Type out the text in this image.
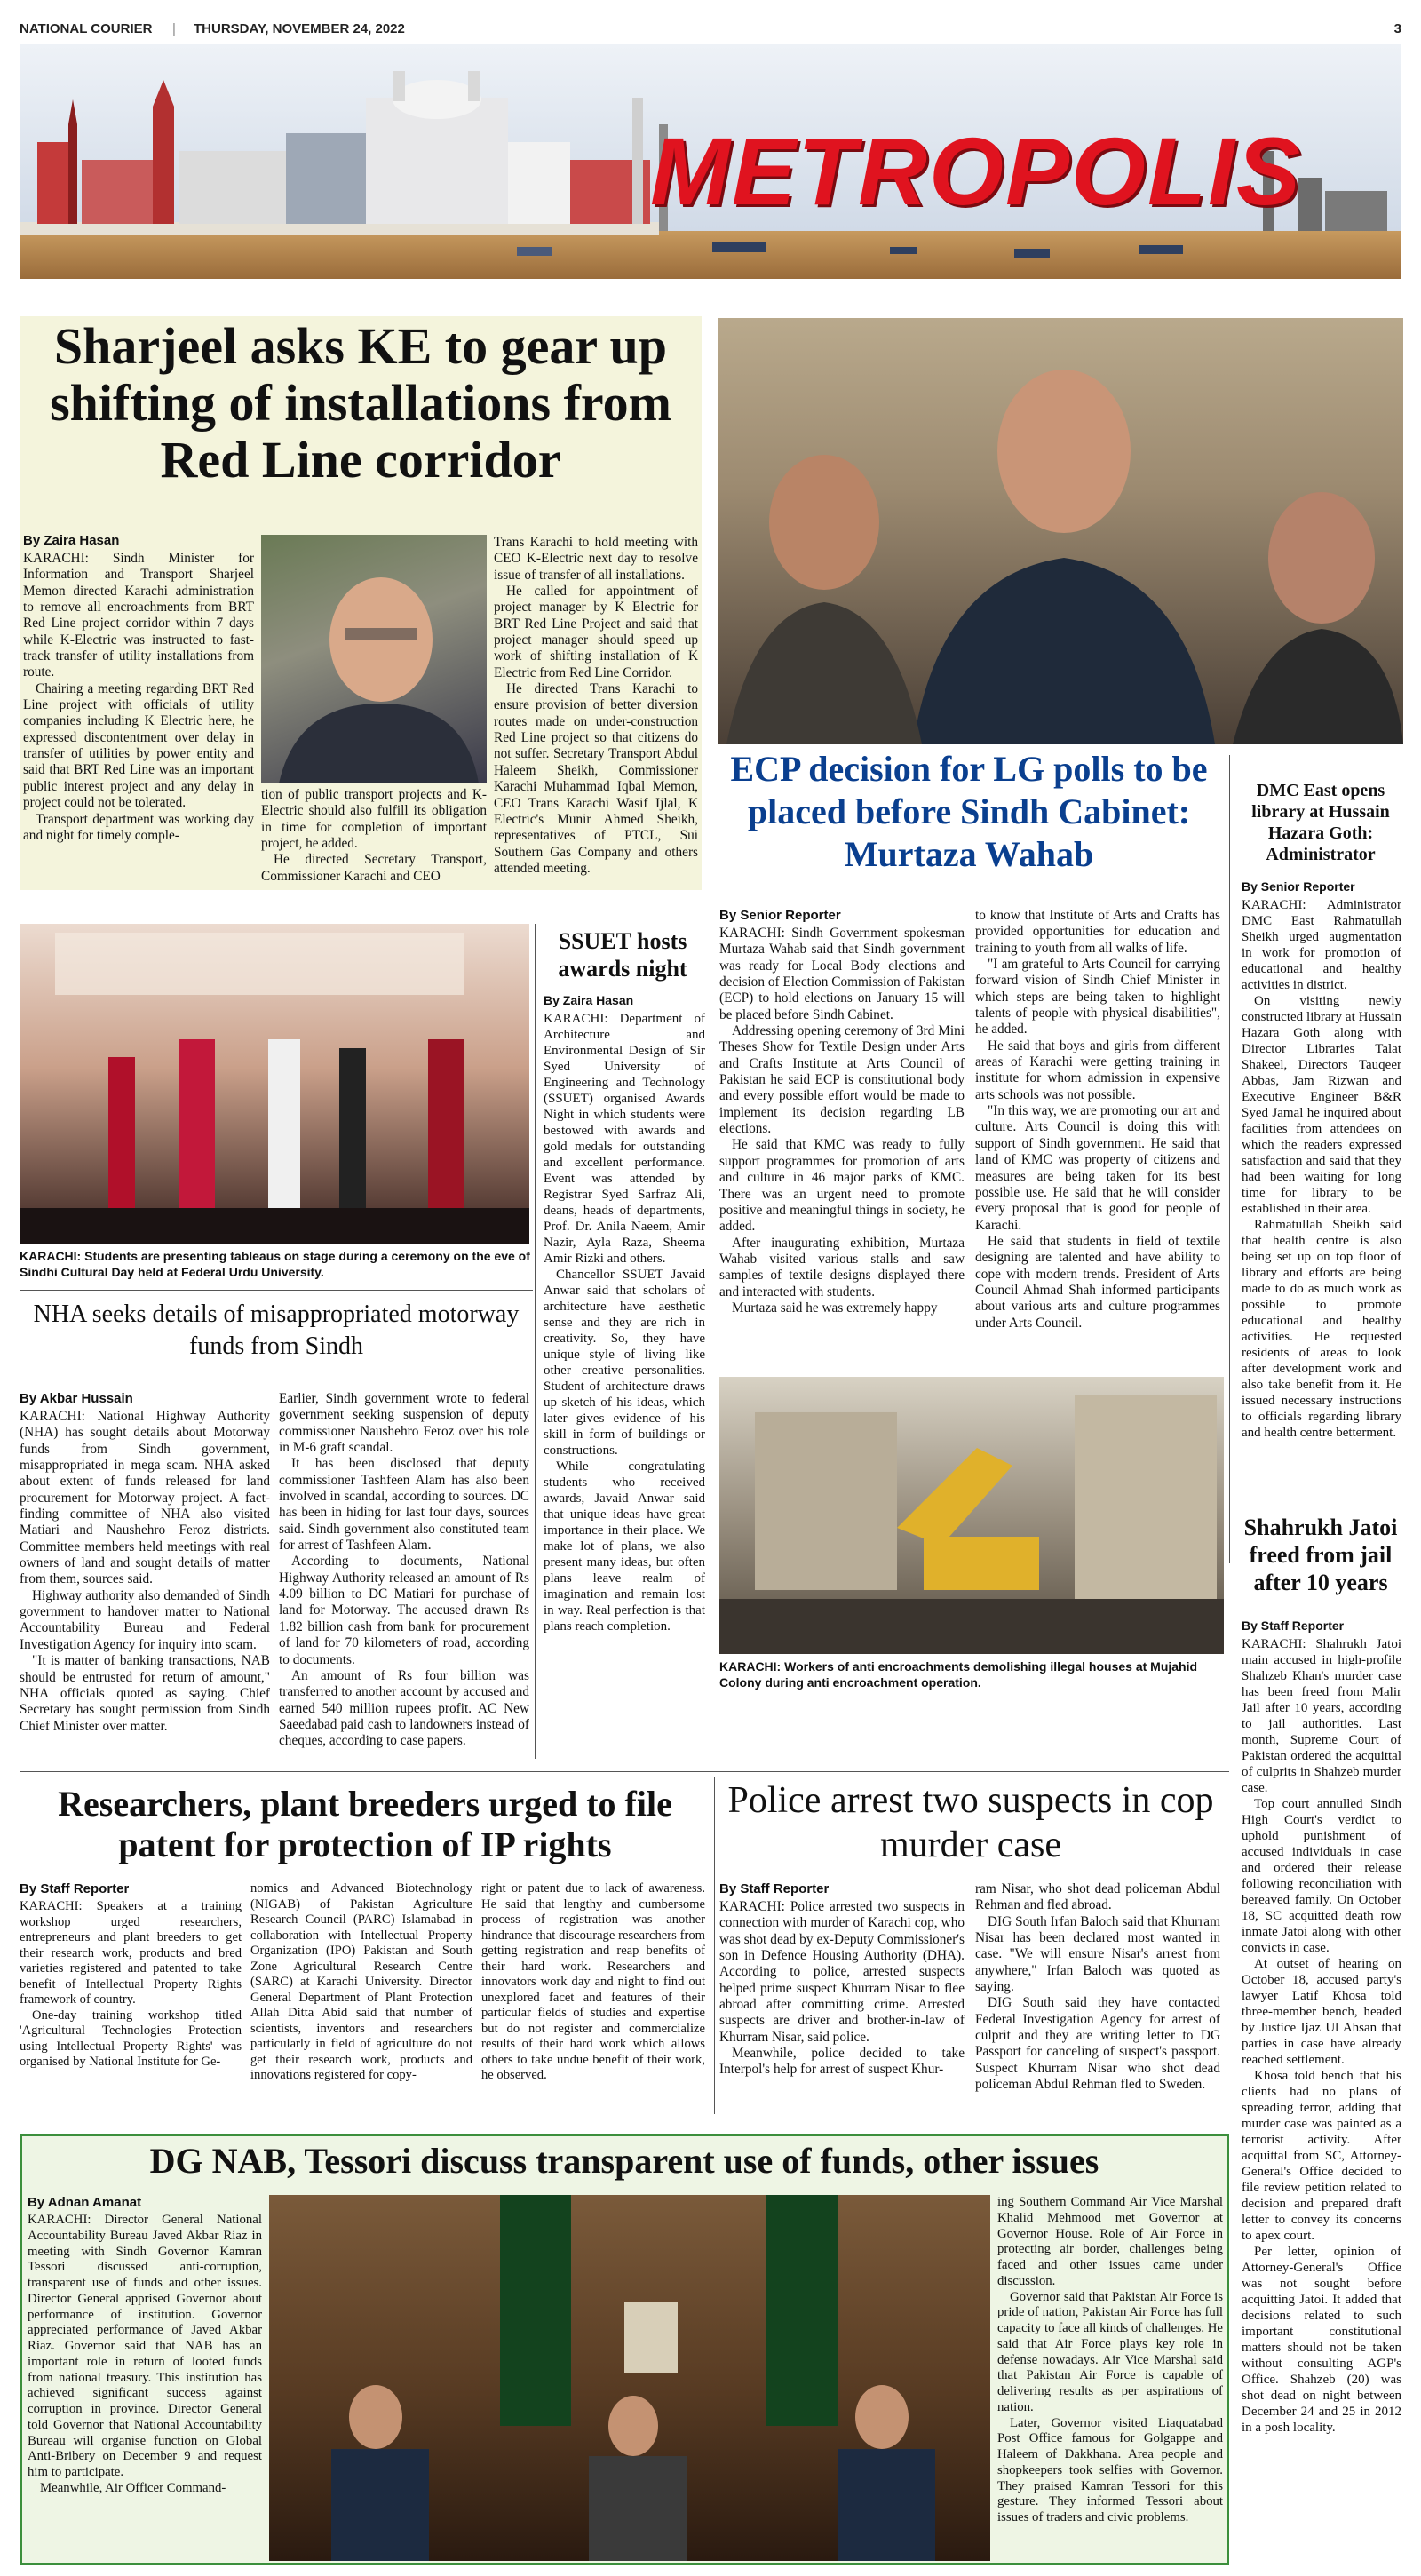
NATIONAL COURIER | THURSDAY, NOVEMBER 24, 2022	3
METROPOLIS
Sharjeel asks KE to gear up shifting of installations from Red Line corridor
By Zaira Hasan

KARACHI: Sindh Minister for Information and Transport Sharjeel Memon directed Karachi administration to remove all encroachments from BRT Red Line project corridor within 7 days while K-Electric was instructed to fast-track transfer of utility installations from route.

Chairing a meeting regarding BRT Red Line project with officials of utility companies including K Electric here, he expressed discontentment over delay in transfer of utilities by power entity and said that BRT Red Line was an important public interest project and any delay in project could not be tolerated.

Transport department was working day and night for timely comple-

tion of public transport projects and K-Electric should also fulfill its obligation in time for completion of important project, he added.

He directed Secretary Transport, Commissioner Karachi and CEO

Trans Karachi to hold meeting with CEO K-Electric next day to resolve issue of transfer of all installations.

He called for appointment of project manager by K Electric for BRT Red Line Project and said that project manager should speed up work of shifting installation of K Electric from Red Line Corridor.

He directed Trans Karachi to ensure provision of better diversion routes made on under-construction Red Line project so that citizens do not suffer. Secretary Transport Abdul Haleem Sheikh, Commissioner Karachi Muhammad Iqbal Memon, CEO Trans Karachi Wasif Ijlal, K Electric's Munir Ahmed Sheikh, representatives of PTCL, Sui Southern Gas Company and others attended meeting.

ECP decision for LG polls to be placed before Sindh Cabinet: Murtaza Wahab
By Senior Reporter

KARACHI: Sindh Government spokesman Murtaza Wahab said that Sindh government was ready for Local Body elections and decision of Election Commission of Pakistan (ECP) to hold elections on January 15 will be placed before Sindh Cabinet.

Addressing opening ceremony of 3rd Mini Theses Show for Textile Design under Arts and Crafts Institute at Arts Council of Pakistan he said ECP is constitutional body and every possible effort would be made to implement its decision regarding LB elections.

He said that KMC was ready to fully support programmes for promotion of arts and culture in 46 major parks of KMC. There was an urgent need to promote positive and meaningful things in society, he added.

After inaugurating exhibition, Murtaza Wahab visited various stalls and saw samples of textile designs displayed there and interacted with students.

Murtaza said he was extremely happy

to know that Institute of Arts and Crafts has provided opportunities for education and training to youth from all walks of life.

"I am grateful to Arts Council for carrying forward vision of Sindh Chief Minister in which steps are being taken to highlight talents of people with physical disabilities", he added.

He said that boys and girls from different areas of Karachi were getting training in institute for whom admission in expensive arts schools was not possible.

"In this way, we are promoting our art and culture. Arts Council is doing this with support of Sindh government. He said that land of KMC was property of citizens and measures are being taken for its best possible use. He said that he will consider every proposal that is good for people of Karachi.

He said that students in field of textile designing are talented and have ability to cope with modern trends. President of Arts Council Ahmad Shah informed participants about various arts and culture programmes under Arts Council.

KARACHI: Workers of anti encroachments demolishing illegal houses at Mujahid Colony during anti encroachment operation.
DMC East opens library at Hussain Hazara Goth: Administrator
By Senior Reporter

KARACHI: Administrator DMC East Rahmatullah Sheikh urged augmentation in work for promotion of educational and healthy activities in district.

On visiting newly constructed library at Hussain Hazara Goth along with Director Libraries Talat Shakeel, Directors Tauqeer Abbas, Jam Rizwan and Executive Engineer B&R Syed Jamal he inquired about facilities from attendees on which the readers expressed satisfaction and said that they had been waiting for long time for library to be established in their area.

Rahmatullah Sheikh said that health centre is also being set up on top floor of library and efforts are being made to do as much work as possible to promote educational and healthy activities. He requested residents of areas to look after development work and also take benefit from it. He issued necessary instructions to officials regarding library and health centre betterment.

Shahrukh Jatoi freed from jail after 10 years
By Staff Reporter

KARACHI: Shahrukh Jatoi main accused in high-profile Shahzeb Khan's murder case has been freed from Malir Jail after 10 years, according to jail authorities. Last month, Supreme Court of Pakistan ordered the acquittal of culprits in Shahzeb murder case.

Top court annulled Sindh High Court's verdict to uphold punishment of accused individuals in case and ordered their release following reconciliation with bereaved family. On October 18, SC acquitted death row inmate Jatoi along with other convicts in case.

At outset of hearing on October 18, accused party's lawyer Latif Khosa told three-member bench, headed by Justice Ijaz Ul Ahsan that parties in case have already reached settlement.

Khosa told bench that his clients had no plans of spreading terror, adding that murder case was painted as a terrorist activity. After acquittal from SC, Attorney-General's Office decided to file review petition related to decision and prepared draft letter to convey its concerns to apex court.

Per letter, opinion of Attorney-General's Office was not sought before acquitting Jatoi. It added that decisions related to such important constitutional matters should not be taken without consulting AGP's Office. Shahzeb (20) was shot dead on night between December 24 and 25 in 2012 in a posh locality.

KARACHI: Students are presenting tableaus on stage during a ceremony on the eve of Sindhi Cultural Day held at Federal Urdu University.
SSUET hosts awards night
By Zaira Hasan

KARACHI: Department of Architecture and Environmental Design of Sir Syed University of Engineering and Technology (SSUET) organised Awards Night in which students were bestowed with awards and gold medals for outstanding and excellent performance. Event was attended by Registrar Syed Sarfraz Ali, deans, heads of departments, Prof. Dr. Anila Naeem, Amir Nazir, Ayla Raza, Sheema Amir Rizki and others.

Chancellor SSUET Javaid Anwar said that scholars of architecture have aesthetic sense and they are rich in creativity. So, they have unique style of living like other creative personalities. Student of architecture draws up sketch of his ideas, which later gives evidence of his skill in form of buildings or constructions.

While congratulating students who received awards, Javaid Anwar said that unique ideas have great importance in their place. We make lot of plans, we also present many ideas, but often plans leave realm of imagination and remain lost in way. Real perfection is that plans reach completion.

NHA seeks details of misappropriated motorway funds from Sindh
By Akbar Hussain

KARACHI: National Highway Authority (NHA) has sought details about Motorway funds from Sindh government, misappropriated in mega scam. NHA asked about extent of funds released for land procurement for Motorway project. A fact-finding committee of NHA also visited Matiari and Naushehro Feroz districts. Committee members held meetings with real owners of land and sought details of matter from them, sources said.

Highway authority also demanded of Sindh government to handover matter to National Accountability Bureau and Federal Investigation Agency for inquiry into scam.

"It is matter of banking transactions, NAB should be entrusted for return of amount," NHA officials quoted as saying. Chief Secretary has sought permission from Sindh Chief Minister over matter.

Earlier, Sindh government wrote to federal government seeking suspension of deputy commissioner Naushehro Feroz over his role in M-6 graft scandal.

It has been disclosed that deputy commissioner Tashfeen Alam has also been involved in scandal, according to sources. DC has been in hiding for last four days, sources said. Sindh government also constituted team for arrest of Tashfeen Alam.

According to documents, National Highway Authority released an amount of Rs 4.09 billion to DC Matiari for purchase of land for Motorway. The accused drawn Rs 1.82 billion cash from bank for procurement of land for 70 kilometers of road, according to documents.

An amount of Rs four billion was transferred to another account by accused and earned 540 million rupees profit. AC New Saeedabad paid cash to landowners instead of cheques, according to case papers.

Researchers, plant breeders urged to file patent for protection of IP rights
By Staff Reporter

KARACHI: Speakers at a training workshop urged researchers, entrepreneurs and plant breeders to get their research work, products and bred varieties registered and patented to take benefit of Intellectual Property Rights framework of country.

One-day training workshop titled 'Agricultural Technologies Protection using Intellectual Property Rights' was organised by National Institute for Ge-

nomics and Advanced Biotechnology (NIGAB) of Pakistan Agriculture Research Council (PARC) Islamabad in collaboration with Intellectual Property Organization (IPO) Pakistan and South Zone Agricultural Research Centre (SARC) at Karachi University. Director General Department of Plant Protection Allah Ditta Abid said that number of scientists, inventors and researchers particularly in field of agriculture do not get their research work, products and innovations registered for copy-

right or patent due to lack of awareness. He said that lengthy and cumbersome process of registration was another hindrance that discourage researchers from getting registration and reap benefits of their hard work. Researchers and innovators work day and night to find out unexplored facet and features of their particular fields of studies and expertise but do not register and commercialize results of their hard work which allows others to take undue benefit of their work, he observed.

Police arrest two suspects in cop murder case
By Staff Reporter

KARACHI: Police arrested two suspects in connection with murder of Karachi cop, who was shot dead by ex-Deputy Commissioner's son in Defence Housing Authority (DHA). According to police, arrested suspects helped prime suspect Khurram Nisar to flee abroad after committing crime. Arrested suspects are driver and brother-in-law of Khurram Nisar, said police.

Meanwhile, police decided to take Interpol's help for arrest of suspect Khur-

ram Nisar, who shot dead policeman Abdul Rehman and fled abroad.

DIG South Irfan Baloch said that Khurram Nisar has been declared most wanted in case. "We will ensure Nisar's arrest from anywhere," Irfan Baloch was quoted as saying.

DIG South said they have contacted Federal Investigation Agency for arrest of culprit and they are writing letter to DG Passport for canceling of suspect's passport. Suspect Khurram Nisar who shot dead policeman Abdul Rehman fled to Sweden.

DG NAB, Tessori discuss transparent use of funds, other issues
By Adnan Amanat

KARACHI: Director General National Accountability Bureau Javed Akbar Riaz in meeting with Sindh Governor Kamran Tessori discussed anti-corruption, transparent use of funds and other issues. Director General apprised Governor about performance of institution. Governor appreciated performance of Javed Akbar Riaz. Governor said that NAB has an important role in return of looted funds from national treasury. This institution has achieved significant success against corruption in province. Director General told Governor that National Accountability Bureau will organise function on Global Anti-Bribery on December 9 and request him to participate.

Meanwhile, Air Officer Command-

ing Southern Command Air Vice Marshal Khalid Mehmood met Governor at Governor House. Role of Air Force in protecting air border, challenges being faced and other issues came under discussion.

Governor said that Pakistan Air Force is pride of nation, Pakistan Air Force has full capacity to face all kinds of challenges. He said that Air Force plays key role in defense nowadays. Air Vice Marshal said that Pakistan Air Force is capable of delivering results as per aspirations of nation.

Later, Governor visited Liaquatabad Post Office famous for Golgappe and Haleem of Dakkhana. Area people and shopkeepers took selfies with Governor. They praised Kamran Tessori for this gesture. They informed Tessori about issues of traders and civic problems.
